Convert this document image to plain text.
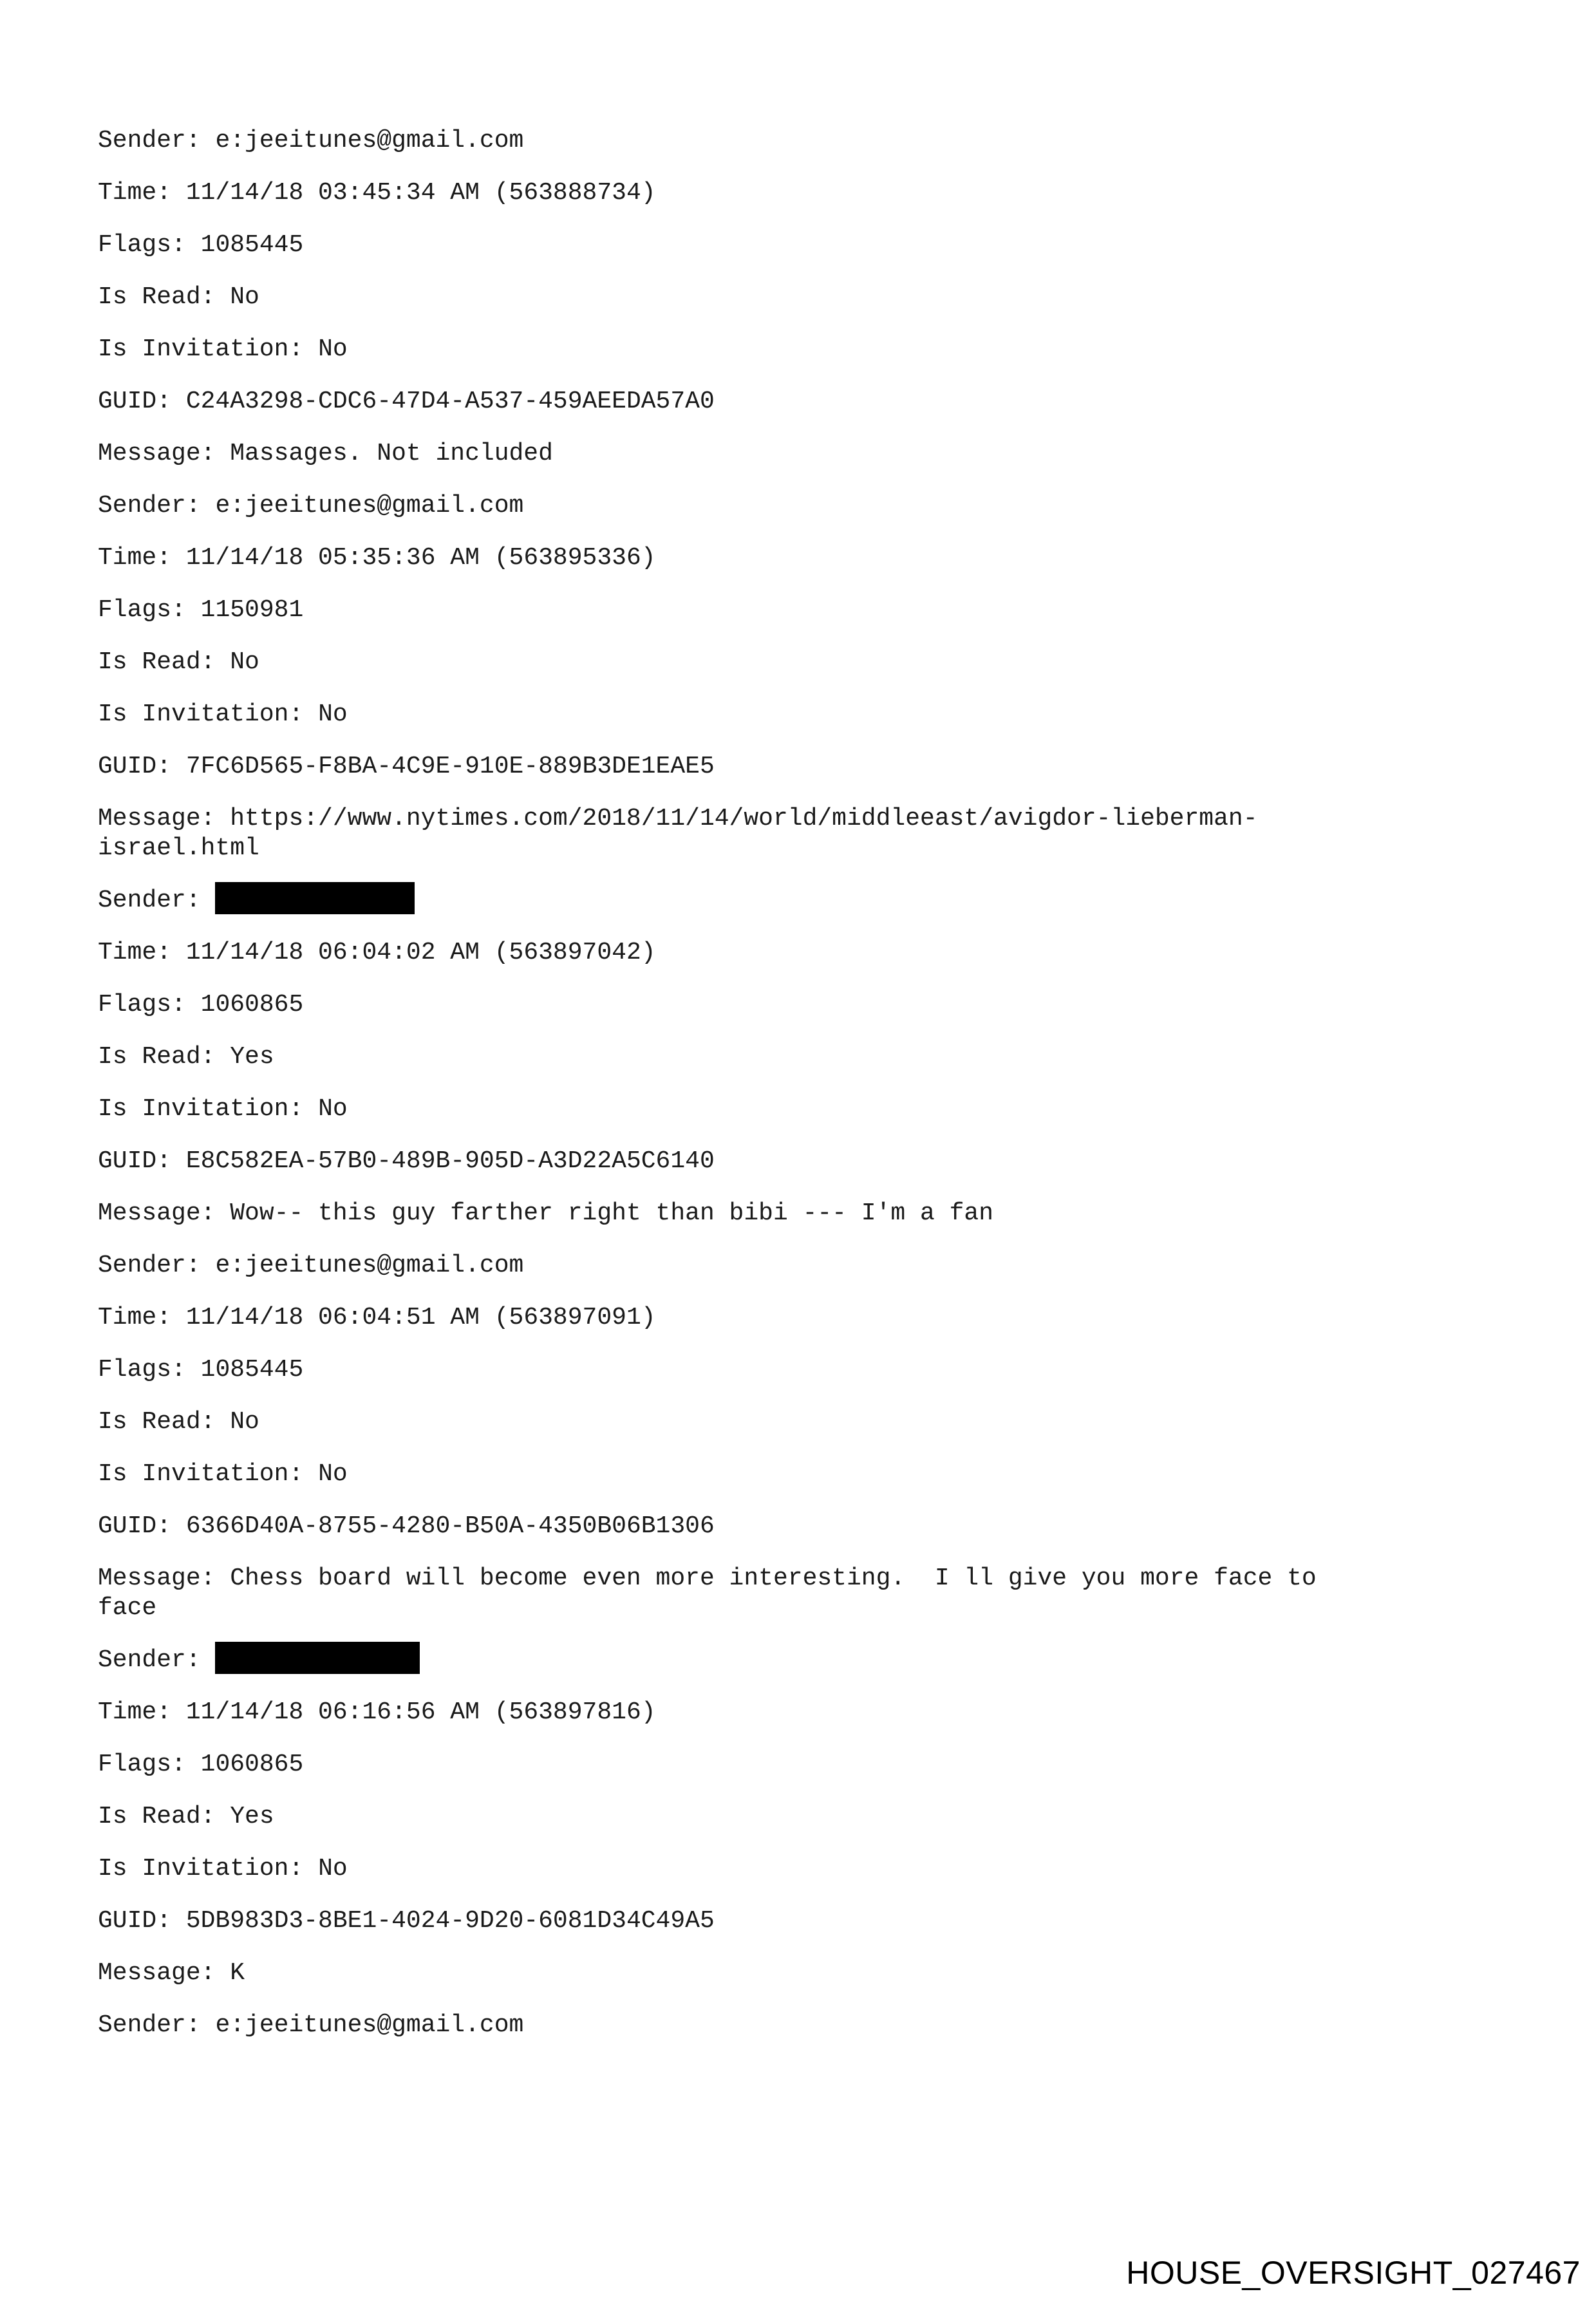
Sender: e:jeeitunes@gmail.com
Time: 11/14/18 03:45:34 AM (563888734)
Flags: 1085445
Is Read: No
Is Invitation: No
GUID: C24A3298-CDC6-47D4-A537-459AEEDA57A0
Message: Massages. Not included
Sender: e:jeeitunes@gmail.com
Time: 11/14/18 05:35:36 AM (563895336)
Flags: 1150981
Is Read: No
Is Invitation: No
GUID: 7FC6D565-F8BA-4C9E-910E-889B3DE1EAE5
Message: https://www.nytimes.com/2018/11/14/world/middleeast/avigdor-lieberman-
israel.html
Sender:
Time: 11/14/18 06:04:02 AM (563897042)
Flags: 1060865
Is Read: Yes
Is Invitation: No
GUID: E8C582EA-57B0-489B-905D-A3D22A5C6140
Message: Wow-- this guy farther right than bibi --- I'm a fan
Sender: e:jeeitunes@gmail.com
Time: 11/14/18 06:04:51 AM (563897091)
Flags: 1085445
Is Read: No
Is Invitation: No
GUID: 6366D40A-8755-4280-B50A-4350B06B1306
Message: Chess board will become even more interesting.  I ll give you more face to
face
Sender:
Time: 11/14/18 06:16:56 AM (563897816)
Flags: 1060865
Is Read: Yes
Is Invitation: No
GUID: 5DB983D3-8BE1-4024-9D20-6081D34C49A5
Message: K
Sender: e:jeeitunes@gmail.com
HOUSE_OVERSIGHT_027467
